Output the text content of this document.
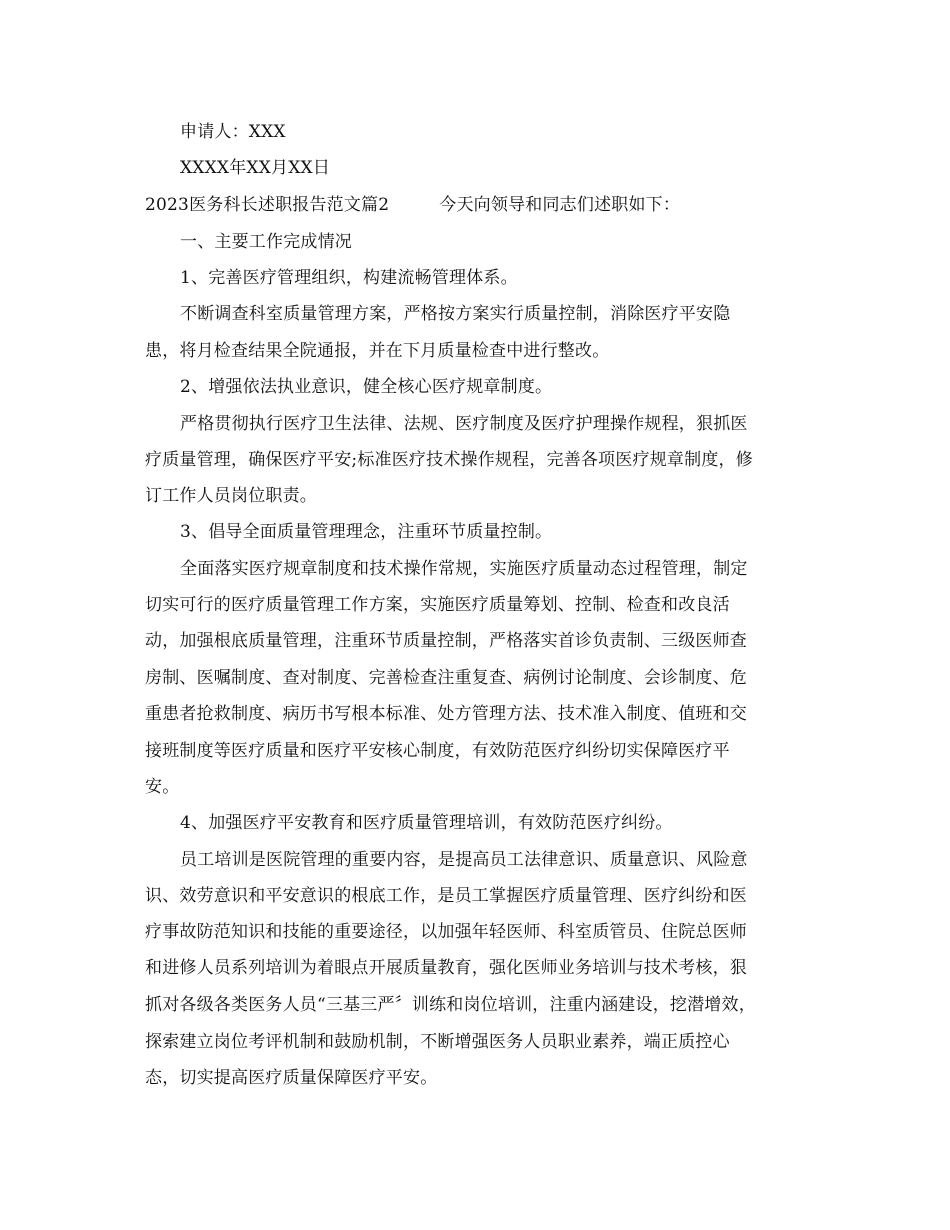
申请人：XXX
XXXX年XX月XX日
2023医务科长述职报告范文篇2	今天向领导和同志们述职如下：
一、主要工作完成情况
1、完善医疗管理组织，构建流畅管理体系。
不断调查科室质量管理方案，严格按方案实行质量控制，消除医疗平安隐
患，将月检查结果全院通报，并在下月质量检查中进行整改。
2、增强依法执业意识，健全核心医疗规章制度。
严格贯彻执行医疗卫生法律、法规、医疗制度及医疗护理操作规程，狠抓医
疗质量管理，确保医疗平安;标准医疗技术操作规程，完善各项医疗规章制度，修
订工作人员岗位职责。
3、倡导全面质量管理理念，注重环节质量控制。
全面落实医疗规章制度和技术操作常规，实施医疗质量动态过程管理，制定
切实可行的医疗质量管理工作方案，实施医疗质量筹划、控制、检查和改良活
动，加强根底质量管理，注重环节质量控制，严格落实首诊负责制、三级医师查
房制、医嘱制度、查对制度、完善检查注重复查、病例讨论制度、会诊制度、危
重患者抢救制度、病历书写根本标准、处方管理方法、技术准入制度、值班和交
接班制度等医疗质量和医疗平安核心制度，有效防范医疗纠纷切实保障医疗平
安。
4、加强医疗平安教育和医疗质量管理培训，有效防范医疗纠纷。
员工培训是医院管理的重要内容，是提高员工法律意识、质量意识、风险意
识、效劳意识和平安意识的根底工作，是员工掌握医疗质量管理、医疗纠纷和医
疗事故防范知识和技能的重要途径，以加强年轻医师、科室质管员、住院总医师
和进修人员系列培训为着眼点开展质量教育，强化医师业务培训与技术考核，狠
抓对各级各类医务人员“三基三严〞训练和岗位培训，注重内涵建设，挖潜增效，
探索建立岗位考评机制和鼓励机制，不断增强医务人员职业素养，端正质控心
态，切实提高医疗质量保障医疗平安。
